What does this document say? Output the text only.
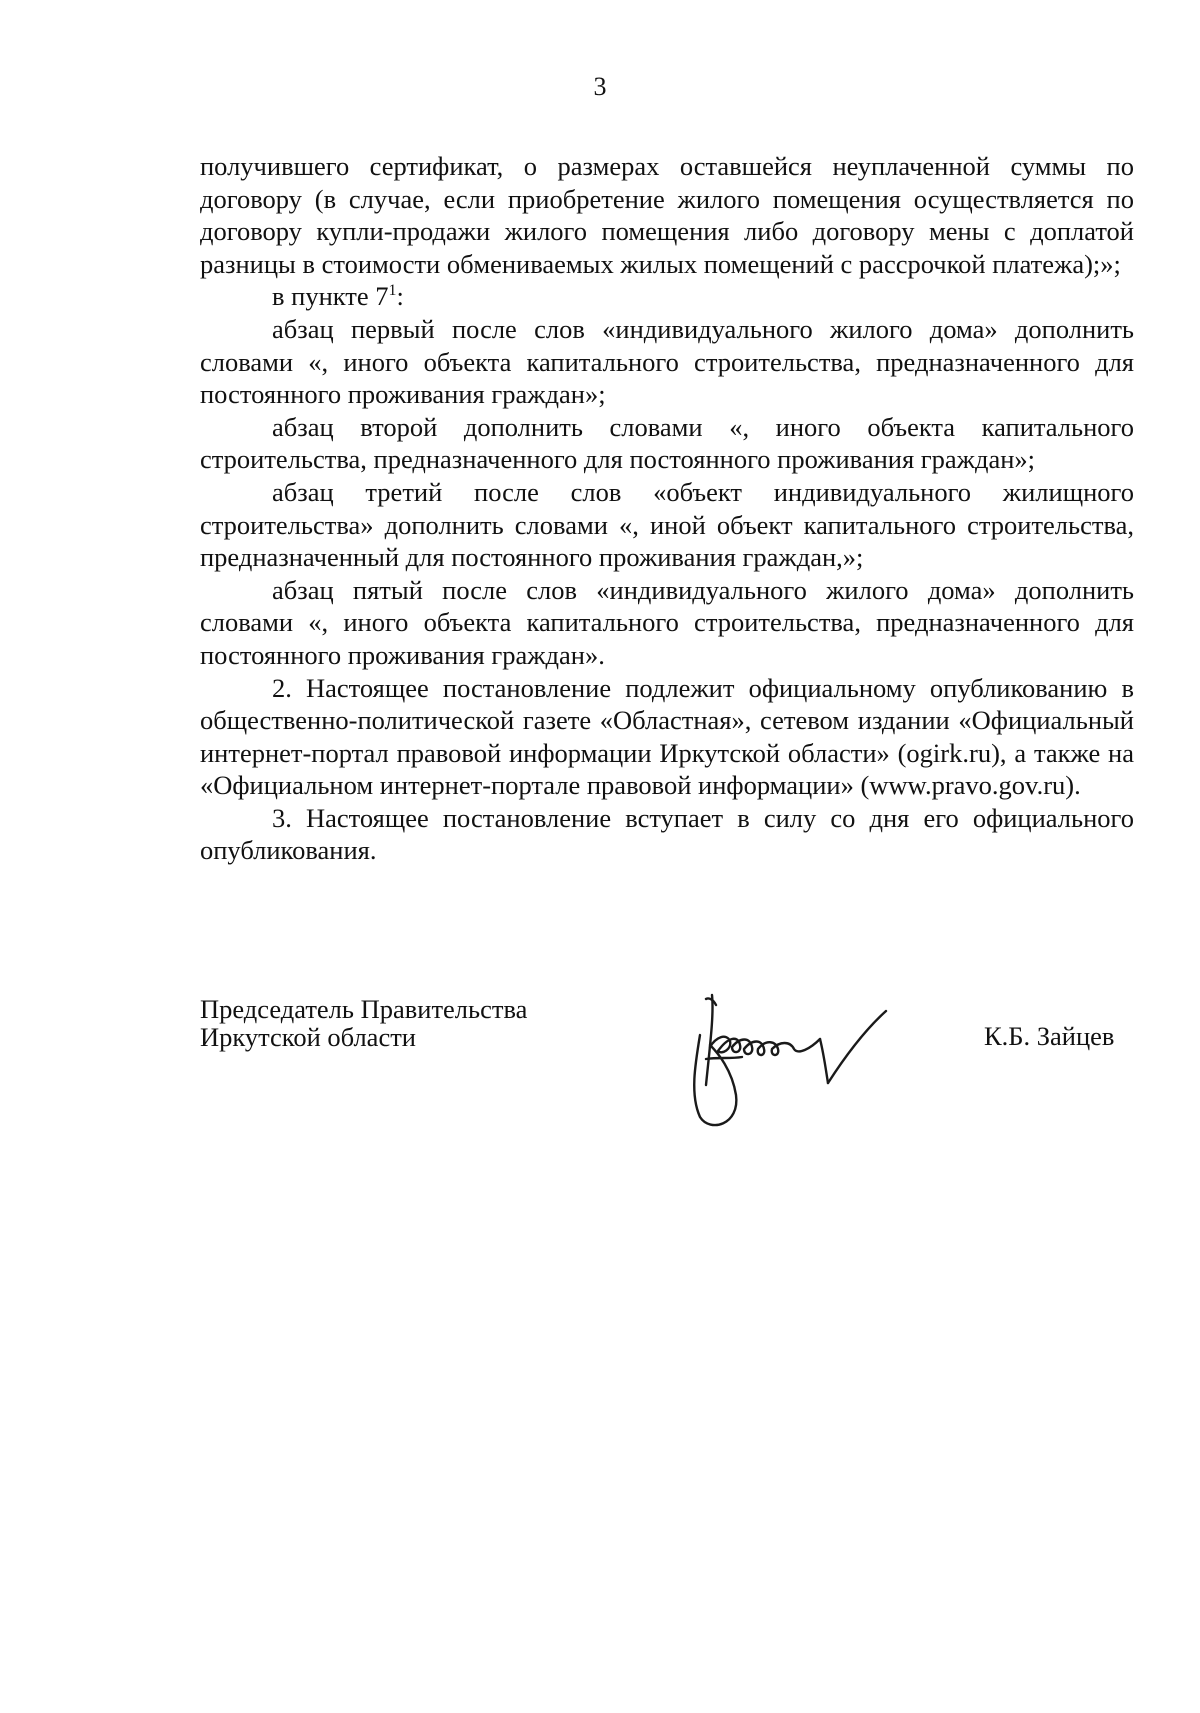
3

получившего сертификат, о размерах оставшейся неуплаченной суммы по договору (в случае, если приобретение жилого помещения осуществляется по договору купли-продажи жилого помещения либо договору мены с доплатой разницы в стоимости обмениваемых жилых помещений с рассрочкой платежа);»;

в пункте $7^1$:

абзац первый после слов «индивидуального жилого дома» дополнить словами «, иного объекта капитального строительства, предназначенного для постоянного проживания граждан»;

абзац второй дополнить словами «, иного объекта капитального строительства, предназначенного для постоянного проживания граждан»;

абзац третий после слов «объект индивидуального жилищного строительства» дополнить словами «, иной объект капитального строительства, предназначенный для постоянного проживания граждан,»;

абзац пятый после слов «индивидуального жилого дома» дополнить словами «, иного объекта капитального строительства, предназначенного для постоянного проживания граждан».

2. Настоящее постановление подлежит официальному опубликованию в общественно-политической газете «Областная», сетевом издании «Официальный интернет-портал правовой информации Иркутской области» (ogirk.ru), а также на «Официальном интернет-портале правовой информации» (www.pravo.gov.ru).

3. Настоящее постановление вступает в силу со дня его официального опубликования.

Председатель Правительства
Иркутской области	К.Б. Зайцев
